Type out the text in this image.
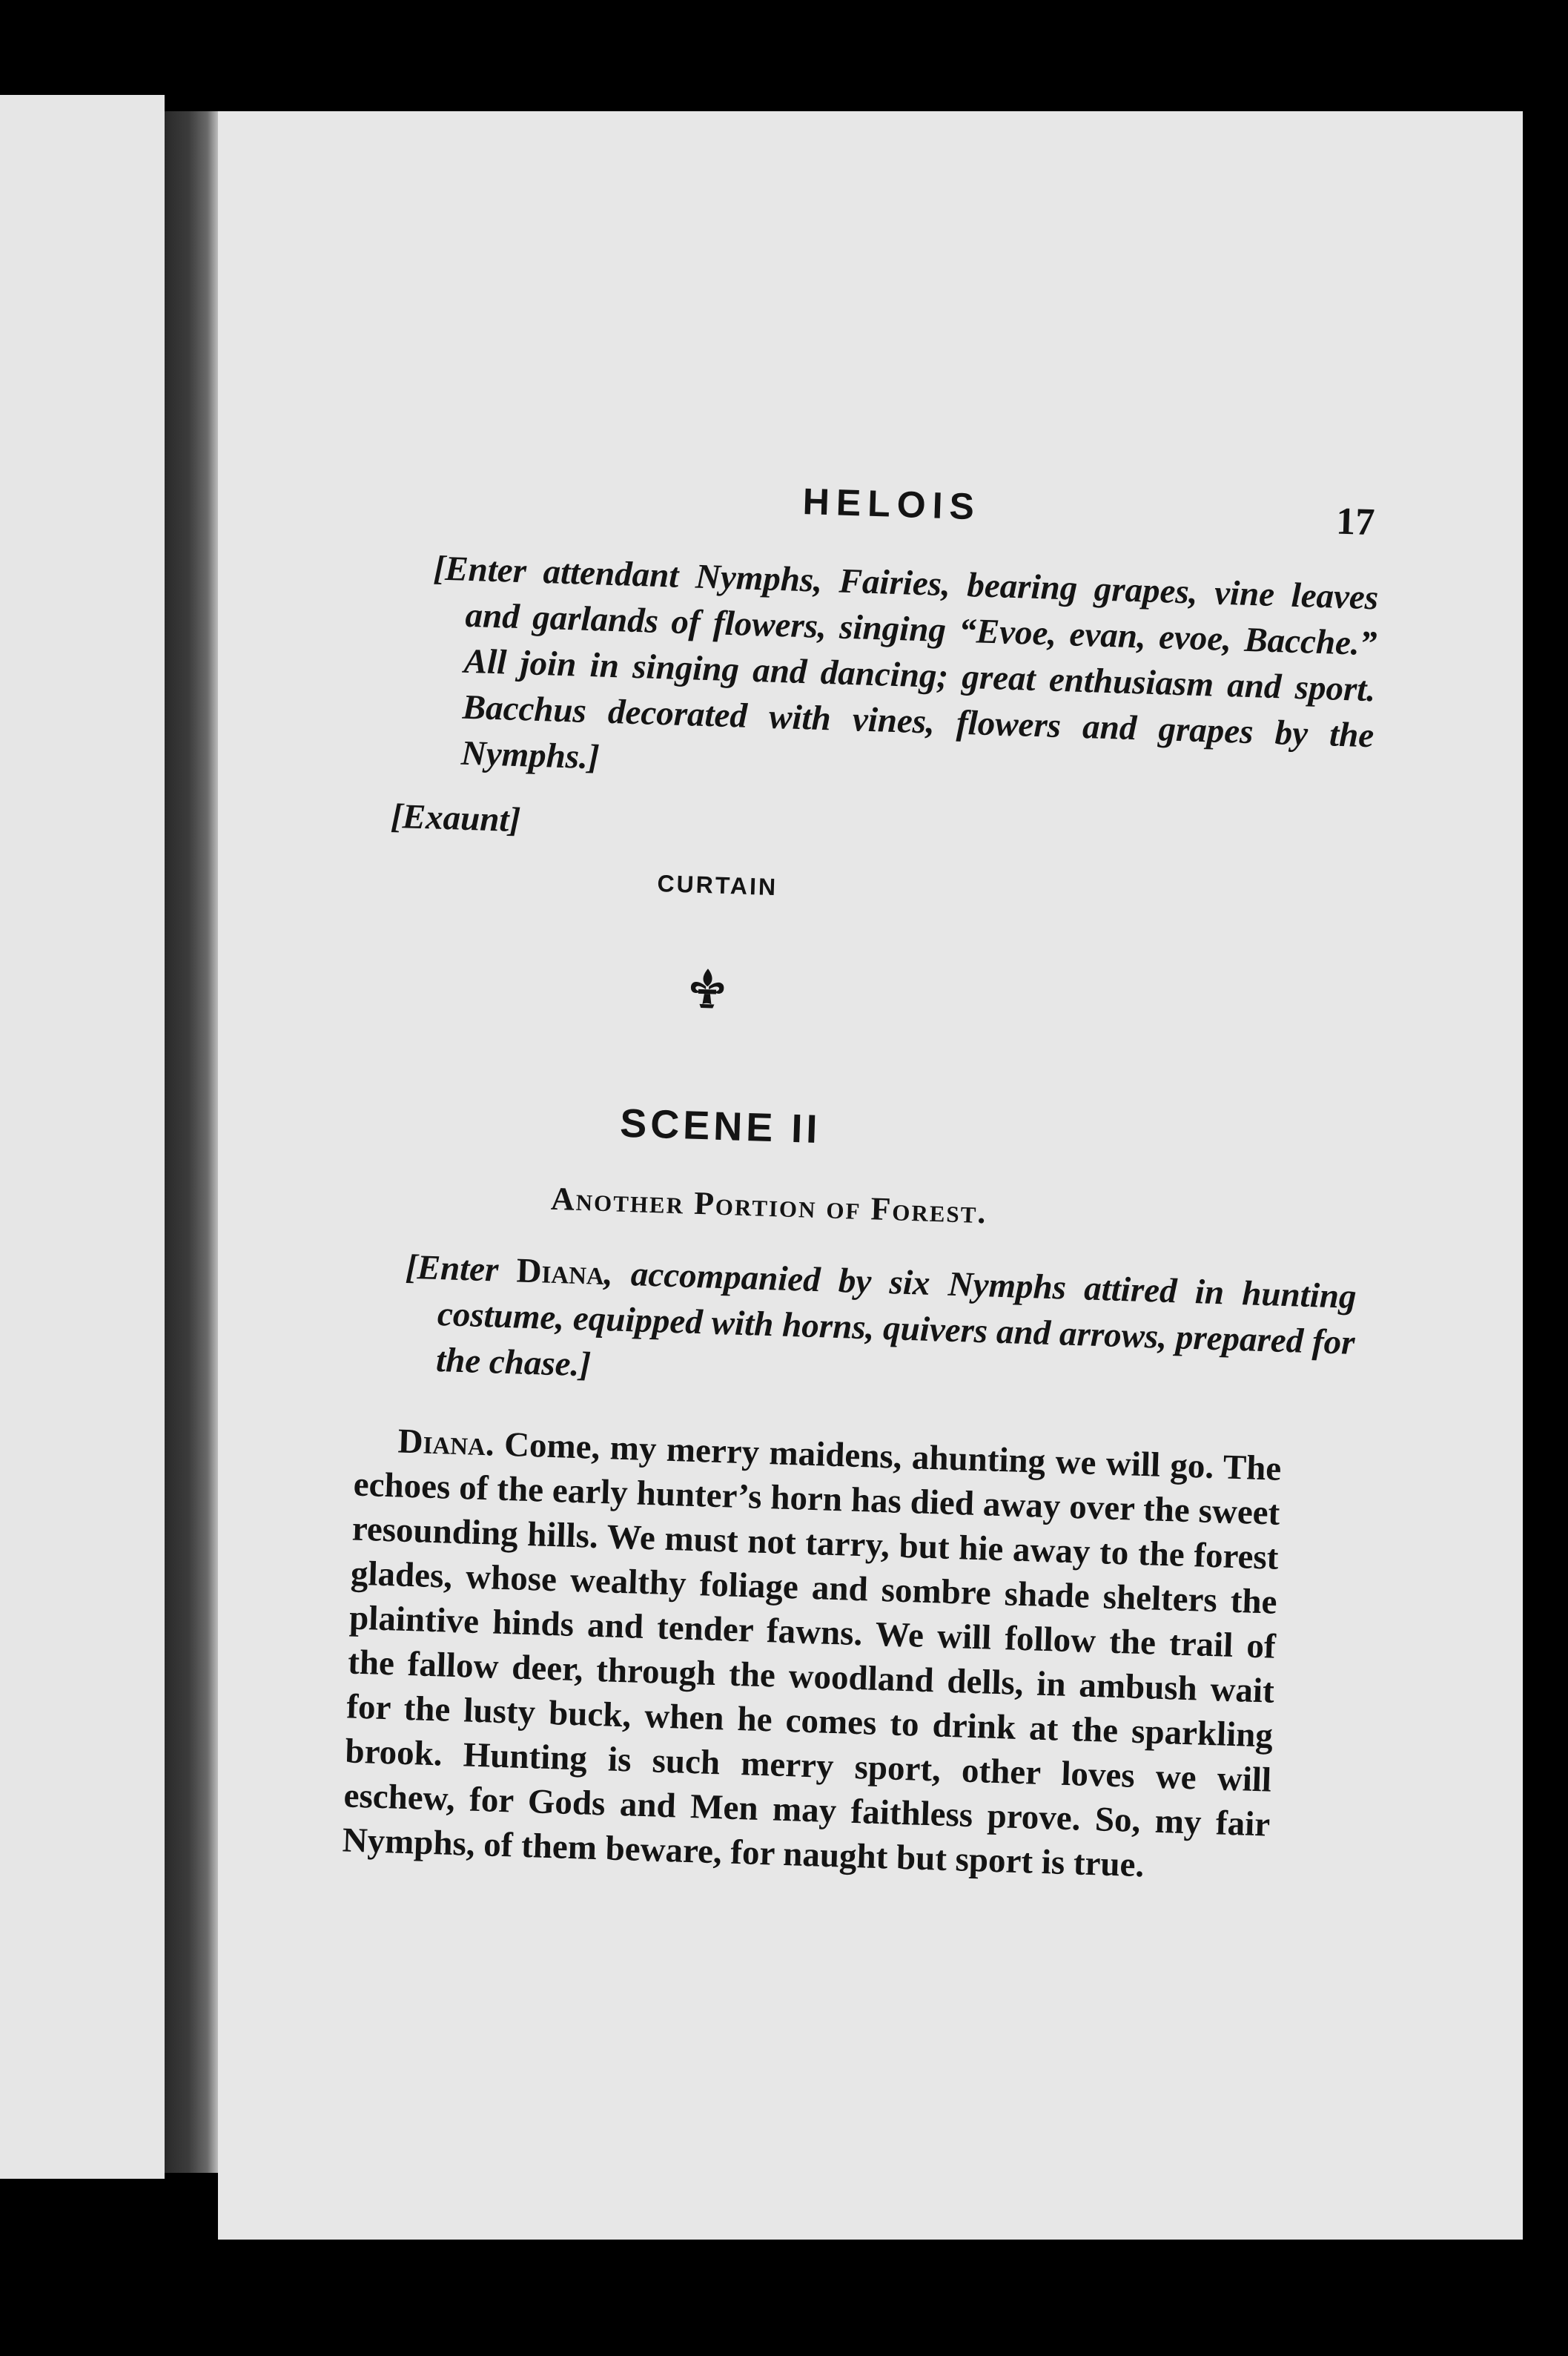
HELOIS	17

[Enter attendant Nymphs, Fairies, bearing grapes, vine leaves and garlands of flowers, singing “Evoe, evan, evoe, Bacche.” All join in singing and dancing; great enthusiasm and sport. Bacchus decorated with vines, flowers and grapes by the Nymphs.]

[Exaunt]

CURTAIN

SCENE II

Another Portion of Forest.

[Enter Diana, accompanied by six Nymphs attired in hunting costume, equipped with horns, quivers and arrows, prepared for the chase.]

Diana. Come, my merry maidens, ahunting we will go. The echoes of the early hunter’s horn has died away over the sweet resounding hills. We must not tarry, but hie away to the forest glades, whose wealthy foliage and sombre shade shelters the plaintive hinds and tender fawns. We will follow the trail of the fallow deer, through the woodland dells, in ambush wait for the lusty buck, when he comes to drink at the sparkling brook. Hunting is such merry sport, other loves we will eschew, for Gods and Men may faithless prove. So, my fair Nymphs, of them beware, for naught but sport is true.
